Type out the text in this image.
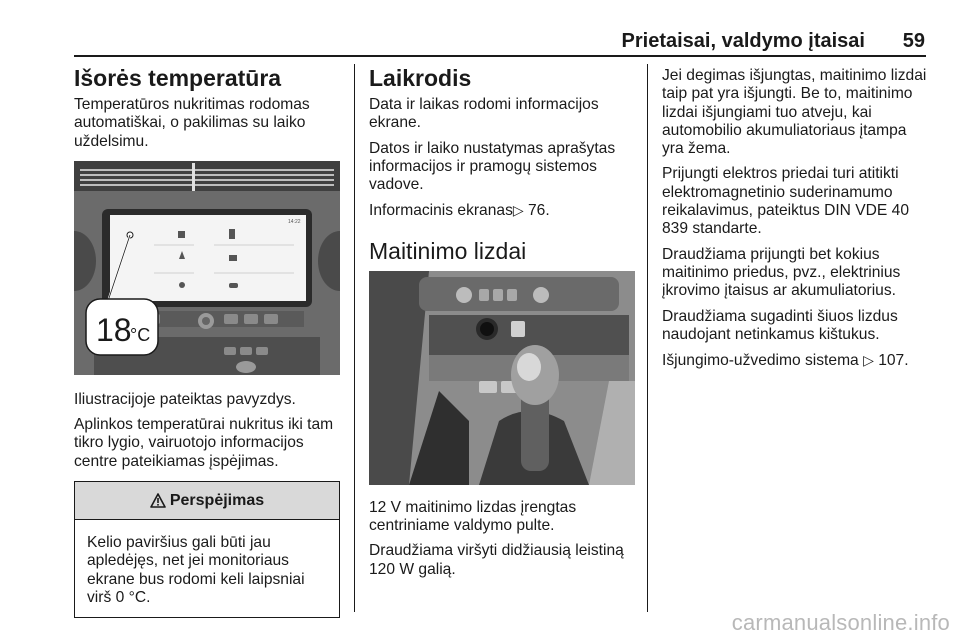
Prietaisai, valdymo įtaisai	59
Išorės temperatūra

Temperatūros nukritimas rodomas automatiškai, o pakilimas su laiko uždelsimu.

14:22
18
°C

Iliustracijoje pateiktas pavyzdys.

Aplinkos temperatūrai nukritus iki tam tikro lygio, vairuotojo informacijos centre pateikiamas įspėjimas.

Perspėjimas

Kelio paviršius gali būti jau apledėjęs, net jei monitoriaus ekrane bus rodomi keli laipsniai virš 0 °C.

Laikrodis

Data ir laikas rodomi informacijos ekrane.

Datos ir laiko nustatymas aprašytas informacijos ir pramogų sistemos vadove.

Informacinis ekranas▷ 76.

Maitinimo lizdai

12 V maitinimo lizdas įrengtas centriniame valdymo pulte.

Draudžiama viršyti didžiausią leistiną 120 W galią.

Jei degimas išjungtas, maitinimo lizdai taip pat yra išjungti. Be to, maitinimo lizdai išjungiami tuo atveju, kai automobilio akumuliatoriaus įtampa yra žema.

Prijungti elektros priedai turi atitikti elektromagnetinio suderinamumo reikalavimus, pateiktus DIN VDE 40 839 standarte.

Draudžiama prijungti bet kokius maitinimo priedus, pvz., elektrinius įkrovimo įtaisus ar akumuliatorius.

Draudžiama sugadinti šiuos lizdus naudojant netinkamus kištukus.

Išjungimo-užvedimo sistema ▷ 107.

carmanualsonline.info
